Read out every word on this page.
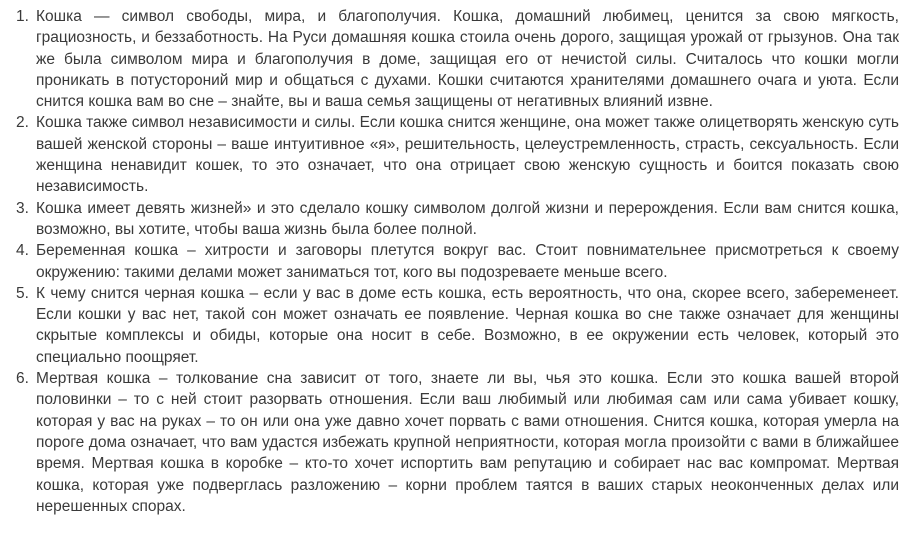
1. Кошка — символ свободы, мира, и благополучия. Кошка, домашний любимец, ценится за свою мягкость, грациозность, и беззаботность. На Руси домашняя кошка стоила очень дорого, защищая урожай от грызунов. Она так же была символом мира и благополучия в доме, защищая его от нечистой силы. Считалось что кошки могли проникать в потустороний мир и общаться с духами. Кошки считаются хранителями домашнего очага и уюта. Если снится кошка вам во сне – знайте, вы и ваша семья защищены от негативных влияний извне.
2. Кошка также символ независимости и силы. Если кошка снится женщине, она может также олицетворять женскую суть вашей женской стороны – ваше интуитивное «я», решительность, целеустремленность, страсть, сексуальность. Если женщина ненавидит кошек, то это означает, что она отрицает свою женскую сущность и боится показать свою независимость.
3. Кошка имеет девять жизней» и это сделало кошку символом долгой жизни и перерождения. Если вам снится кошка, возможно, вы хотите, чтобы ваша жизнь была более полной.
4. Беременная кошка – хитрости и заговоры плетутся вокруг вас. Стоит повнимательнее присмотреться к своему окружению: такими делами может заниматься тот, кого вы подозреваете меньше всего.
5. К чему снится черная кошка – если у вас в доме есть кошка, есть вероятность, что она, скорее всего, забеременеет. Если кошки у вас нет, такой сон может означать ее появление. Черная кошка во сне также означает для женщины скрытые комплексы и обиды, которые она носит в себе. Возможно, в ее окружении есть человек, который это специально поощряет.
6. Мертвая кошка – толкование сна зависит от того, знаете ли вы, чья это кошка. Если это кошка вашей второй половинки – то с ней стоит разорвать отношения. Если ваш любимый или любимая сам или сама убивает кошку, которая у вас на руках – то он или она уже давно хочет порвать с вами отношения. Снится кошка, которая умерла на пороге дома означает, что вам удастся избежать крупной неприятности, которая могла произойти с вами в ближайшее время. Мертвая кошка в коробке – кто-то хочет испортить вам репутацию и собирает нас вас компромат. Мертвая кошка, которая уже подверглась разложению – корни проблем таятся в ваших старых неоконченных делах или нерешенных спорах.
